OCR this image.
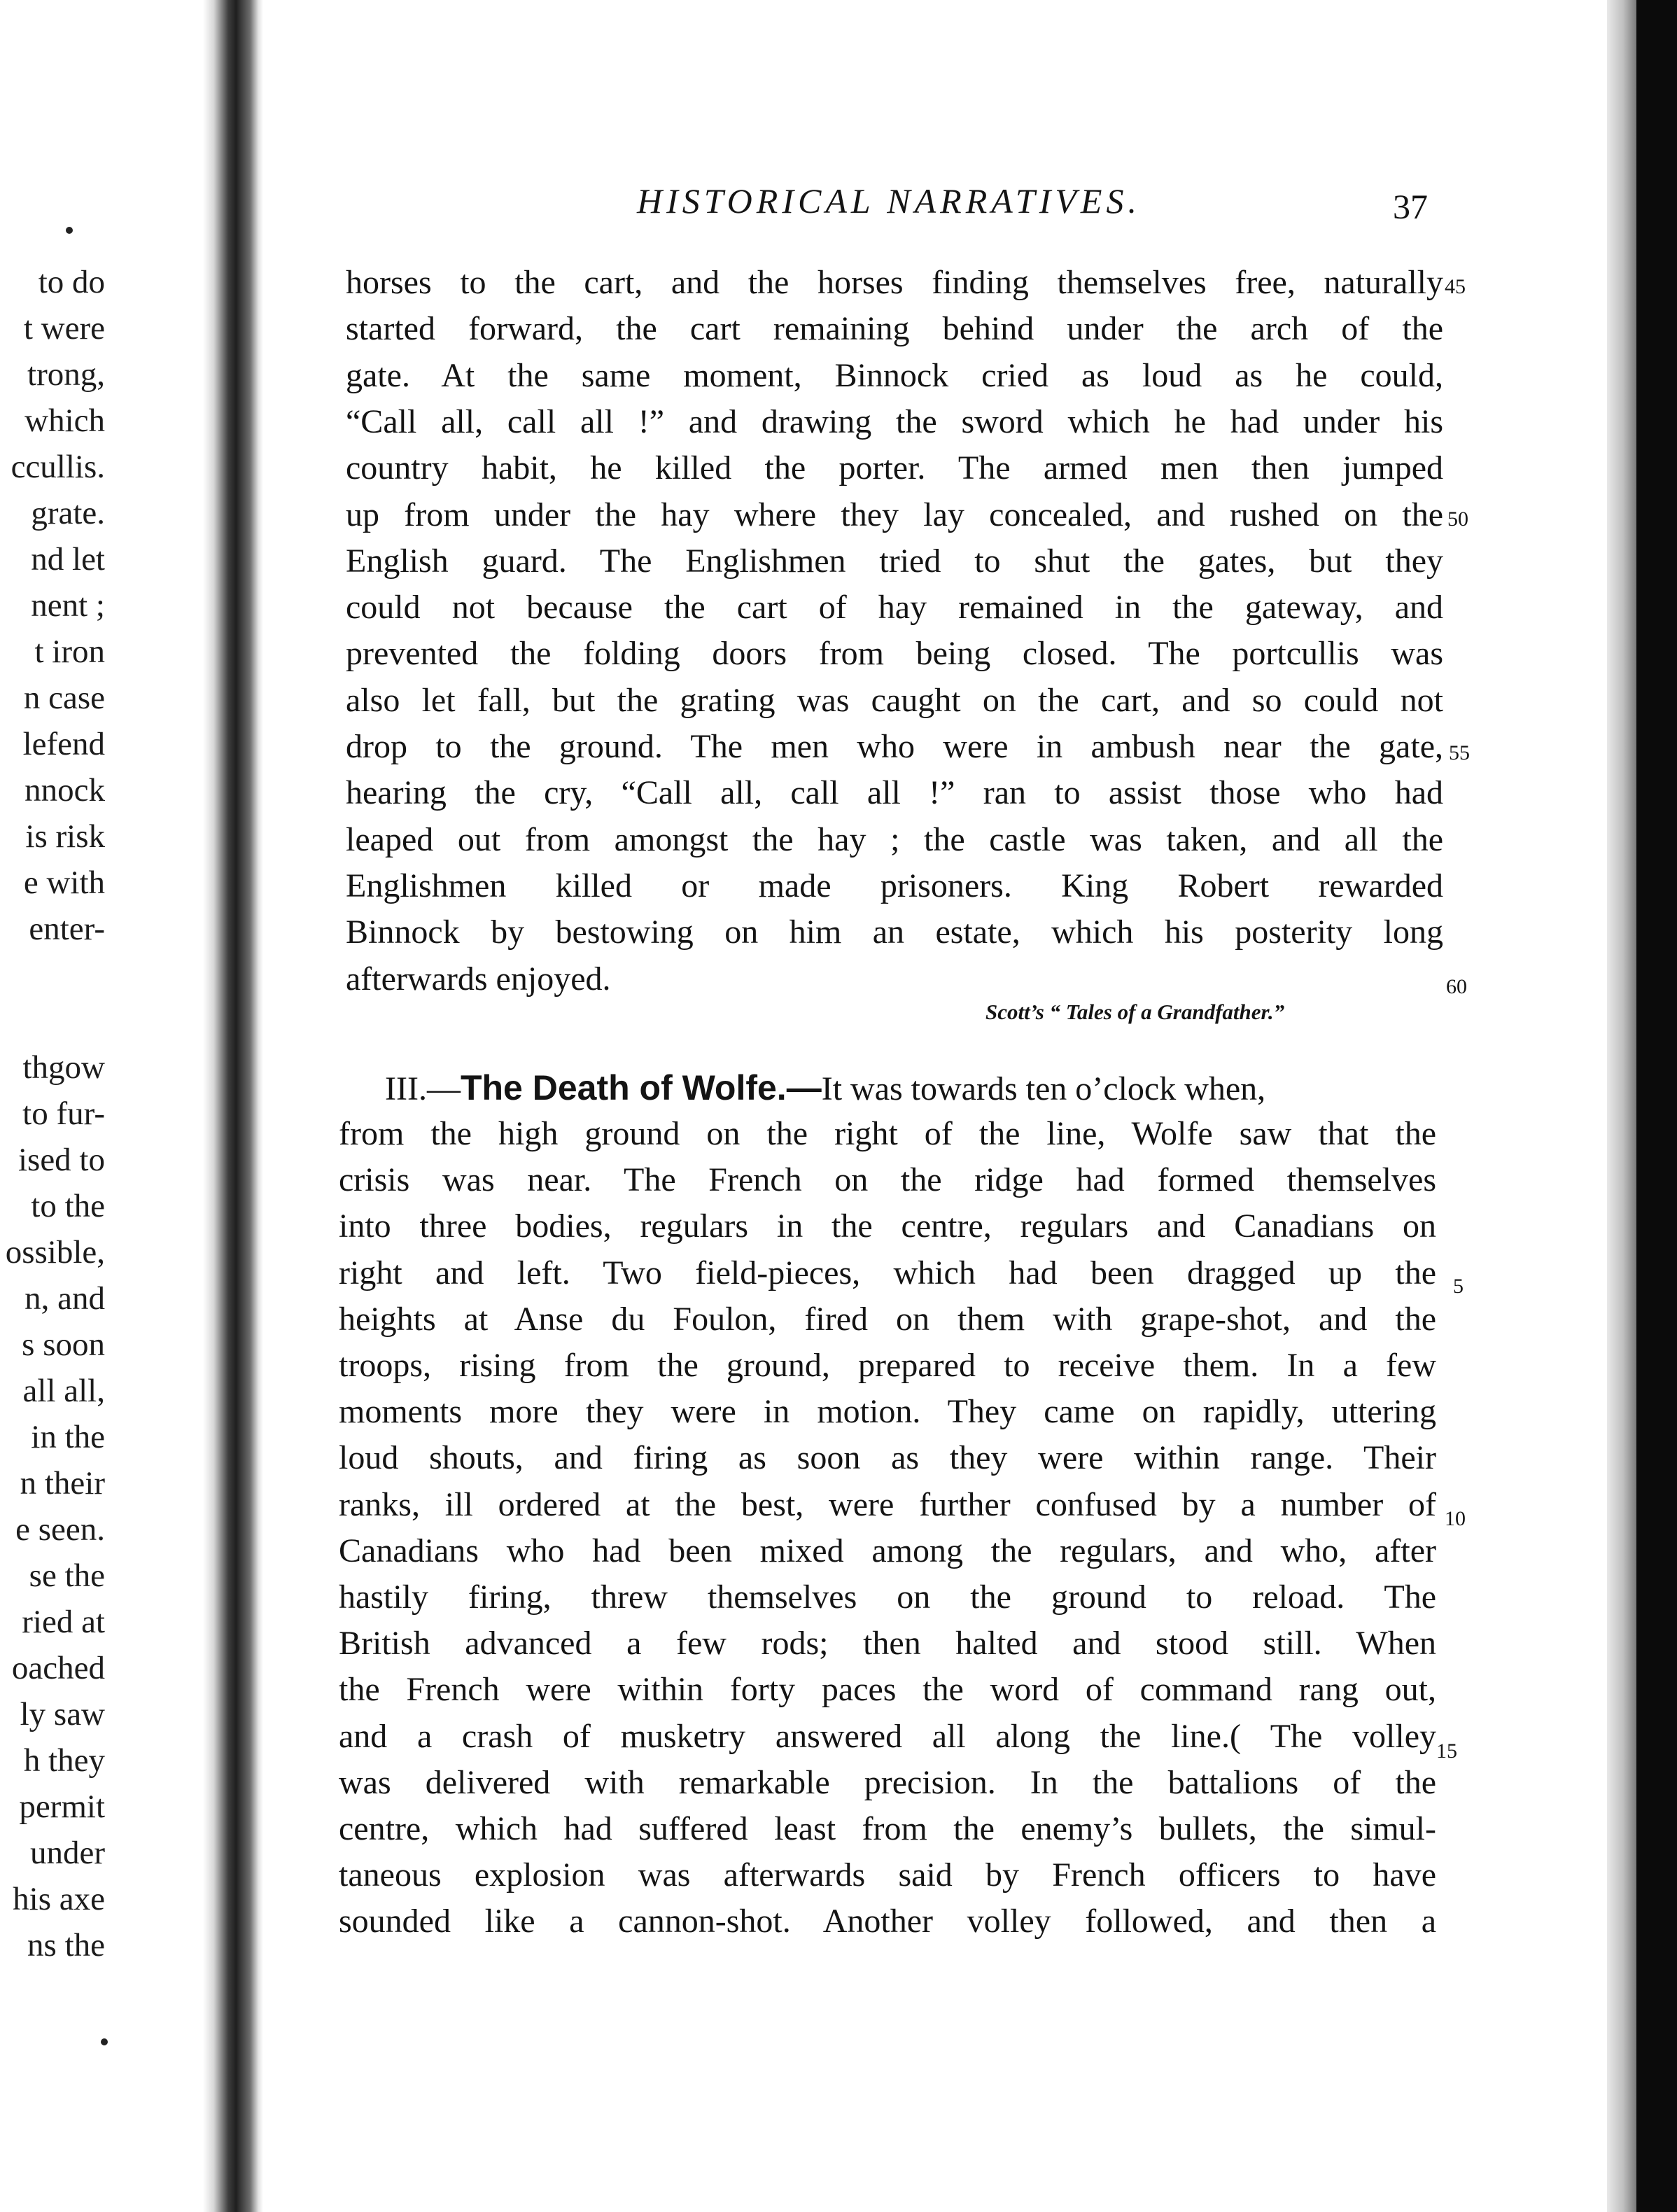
to do
t were
trong,
which
ccullis.
grate.
nd let
nent ;
t iron
n case
lefend
nnock
is risk
e with
enter-
thgow
to fur-
ised to
to the
ossible,
n, and
s soon
all all,
in the
n their
e seen.
se the
ried at
oached
ly saw
h they
permit
under
his axe
ns the
HISTORICAL NARRATIVES.	37
horses to the cart, and the horses finding themselves free, naturally
started forward, the cart remaining behind under the arch of the
gate. At the same moment, Binnock cried as loud as he could,
“Call all, call all !” and drawing the sword which he had under his
country habit, he killed the porter. The armed men then jumped
up from under the hay where they lay concealed, and rushed on the
English guard. The Englishmen tried to shut the gates, but they
could not because the cart of hay remained in the gateway, and
prevented the folding doors from being closed. The portcullis was
also let fall, but the grating was caught on the cart, and so could not
drop to the ground. The men who were in ambush near the gate,
hearing the cry, “Call all, call all !” ran to assist those who had
leaped out from amongst the hay ; the castle was taken, and all the
Englishmen killed or made prisoners. King Robert rewarded
Binnock by bestowing on him an estate, which his posterity long
afterwards enjoyed.
45
50
55
60
Scott’s “ Tales of a Grandfather.”
III.—The Death of Wolfe.—It was towards ten o’clock when,
from the high ground on the right of the line, Wolfe saw that the
crisis was near. The French on the ridge had formed themselves
into three bodies, regulars in the centre, regulars and Canadians on
right and left. Two field-pieces, which had been dragged up the
heights at Anse du Foulon, fired on them with grape-shot, and the
troops, rising from the ground, prepared to receive them. In a few
moments more they were in motion. They came on rapidly, uttering
loud shouts, and firing as soon as they were within range. Their
ranks, ill ordered at the best, were further confused by a number of
Canadians who had been mixed among the regulars, and who, after
hastily firing, threw themselves on the ground to reload. The
British advanced a few rods; then halted and stood still. When
the French were within forty paces the word of command rang out,
and a crash of musketry answered all along the line.( The volley
was delivered with remarkable precision. In the battalions of the
centre, which had suffered least from the enemy’s bullets, the simul-
taneous explosion was afterwards said by French officers to have
sounded like a cannon-shot. Another volley followed, and then a
5
10
15
